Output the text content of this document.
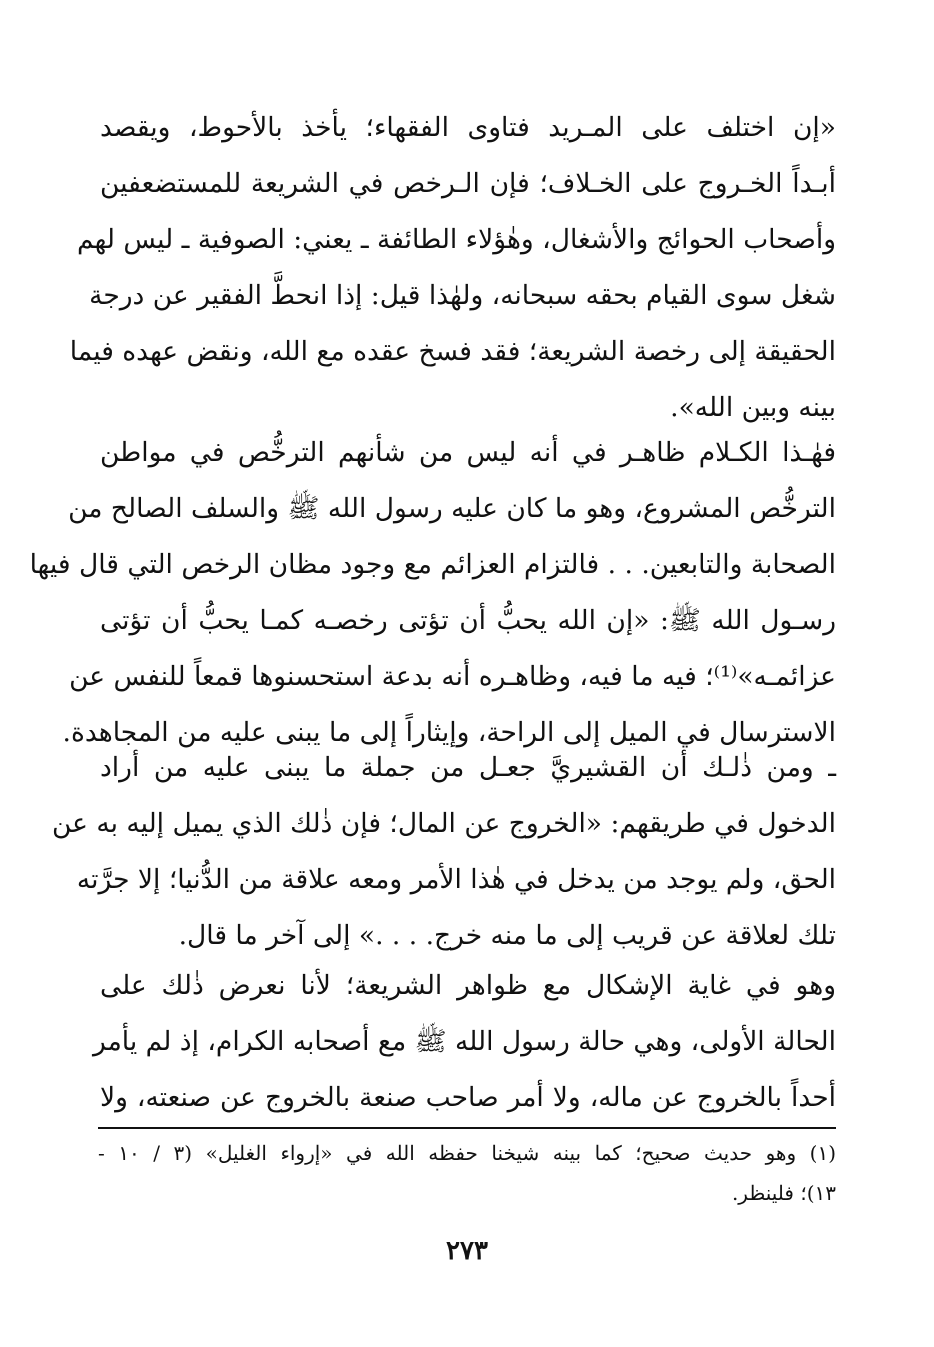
«إن اختلف على المـريد فتاوى الفقهاء؛ يأخذ بالأحوط، ويقصد
أبـداً الخـروج على الخـلاف؛ فإن الـرخص في الشريعة للمستضعفين
وأصحاب الحوائج والأشغال، وهٰؤلاء الطائفة ـ يعني: الصوفية ـ ليس لهم
شغل سوى القيام بحقه سبحانه، ولهٰذا قيل: إذا انحطَّ الفقير عن درجة
الحقيقة إلى رخصة الشريعة؛ فقد فسخ عقده مع الله، ونقض عهده فيما
بينه وبين الله».
فهٰـذا الكـلام ظاهـر في أنه ليس من شأنهم الترخُّص في مواطن
الترخُّص المشروع، وهو ما كان عليه رسول الله ﷺ والسلف الصالح من
الصحابة والتابعين. . . فالتزام العزائم مع وجود مظان الرخص التي قال فيها
رسـول الله ﷺ: «إن الله يحبُّ أن تؤتى رخصـه كمـا يحبُّ أن تؤتى
عزائمـه»⁽¹⁾؛ فيه ما فيه، وظاهـره أنه بدعة استحسنوها قمعاً للنفس عن
الاسترسال في الميل إلى الراحة، وإيثاراً إلى ما يبنى عليه من المجاهدة.
ـ ومن ذٰلـك أن القشيريَّ جعـل من جملة ما يبنى عليه من أراد
الدخول في طريقهم: «الخروج عن المال؛ فإن ذٰلك الذي يميل إليه به عن
الحق، ولم يوجد من يدخل في هٰذا الأمر ومعه علاقة من الدُّنيا؛ إلا جرَّته
تلك لعلاقة عن قريب إلى ما منه خرج. . . .» إلى آخر ما قال.
وهو في غاية الإشكال مع ظواهر الشريعة؛ لأنا نعرض ذٰلك على
الحالة الأولى، وهي حالة رسول الله ﷺ مع أصحابه الكرام، إذ لم يأمر
أحداً بالخروج عن ماله، ولا أمر صاحب صنعة بالخروج عن صنعته، ولا
(١) وهو حديث صحيح؛ كما بينه شيخنا حفظه الله في «إرواء الغليل» (٣ / ١٠ -
١٣)؛ فلينظر.
٢٧٣
